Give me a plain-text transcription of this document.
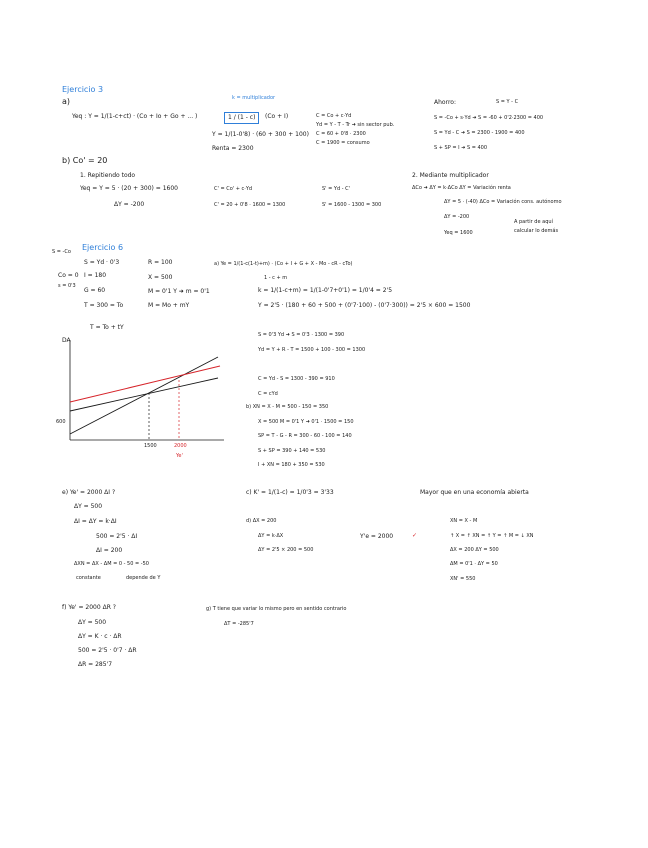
Ejercicio 3
a)
Yeq : Y = 1/(1-c+ct) · (Co + Io + Go + ... )
k = multiplicador
1 / (1 - c)	(Co + I)
Y = 1/(1-0'8) · (60 + 300 + 100)
Renta = 2300
C = Co + c·Yd
Yd = Y - T - Tr ➜ sin sector pub.
C = 60 + 0'8 · 2300
C = 1900 = consumo
Ahorro:	S = Y - C
S = -Co + s·Yd ➜ S = -60 + 0'2·2300 = 400
S = Yd - C ➜ S = 2300 - 1900 = 400
S + SP = I ➜ S = 400
b) Co' = 20
1. Repitiendo todo
Yeq = Y = 5 · (20 + 300) = 1600
ΔY = -200
C' = Co' + c·Yd
C' = 20 + 0'8 · 1600 = 1300
S' = Yd - C'
S' = 1600 - 1300 = 300
2. Mediante multiplicador
ΔCo ➜ ΔY = k·ΔCo ΔY = Variación renta
ΔY = 5 · (-40) ΔCo = Variación cons. autónomo
ΔY = -200
Yeq = 1600
A partir de aquí calcular lo demás
S = -Co Ejercicio 6
S = Yd · 0'3
Co = 0 I = 180
s = 0'3
G = 60
T = 300 = To
T = To + tY
R = 100
X = 500
M = 0'1 Y ➜ m = 0'1
M = Mo + mY
a) Ye = 1/(1-c(1-t)+m) · (Co + I + G + X - Mo - cR - cTo)
1 - c + m
k = 1/(1-c+m) = 1/(1-0'7+0'1) = 1/0'4 = 2'5
Y = 2'5 · (180 + 60 + 500 + (0'7·100) - (0'7·300)) = 2'5 × 600 = 1500
S = 0'3 Yd ➜ S = 0'3 · 1300 = 390
Yd = Y + R - T = 1500 + 100 - 300 = 1300
C = Yd - S = 1300 - 390 = 910
C = cYd
b) XN = X - M = 500 - 150 = 350
X = 500 M = 0'1 Y ➜ 0'1 · 1500 = 150
SP = T - G - R = 300 - 60 - 100 = 140
S + SP = 390 + 140 = 530
I + XN = 180 + 350 = 530
DA
600
1500	2000
Ye'
c) K' = 1/(1-c) = 1/0'3 = 3'33	Mayor que en una economía abierta
d) ΔX = 200
ΔY = k·ΔX
ΔY = 2'5 × 200 = 500
Y'e = 2000	✓
XN = X - M
↑ X = ↑ XN = ↑ Y = ↑ M = ↓ XN
ΔX = 200 ΔY = 500
ΔM = 0'1 · ΔY = 50
XN' = 550
e) Ye' = 2000 ΔI ?
ΔY = 500
ΔI = ΔY = k·ΔI
500 = 2'5 · ΔI
ΔI = 200
ΔXN = ΔX - ΔM = 0 - 50 = -50
constante	depende de Y
f) Ye' = 2000 ΔR ?
ΔY = 500
ΔY = K · c · ΔR
500 = 2'5 · 0'7 · ΔR
ΔR = 285'7
g) T tiene que variar lo mismo pero en sentido contrario
ΔT = -285'7
